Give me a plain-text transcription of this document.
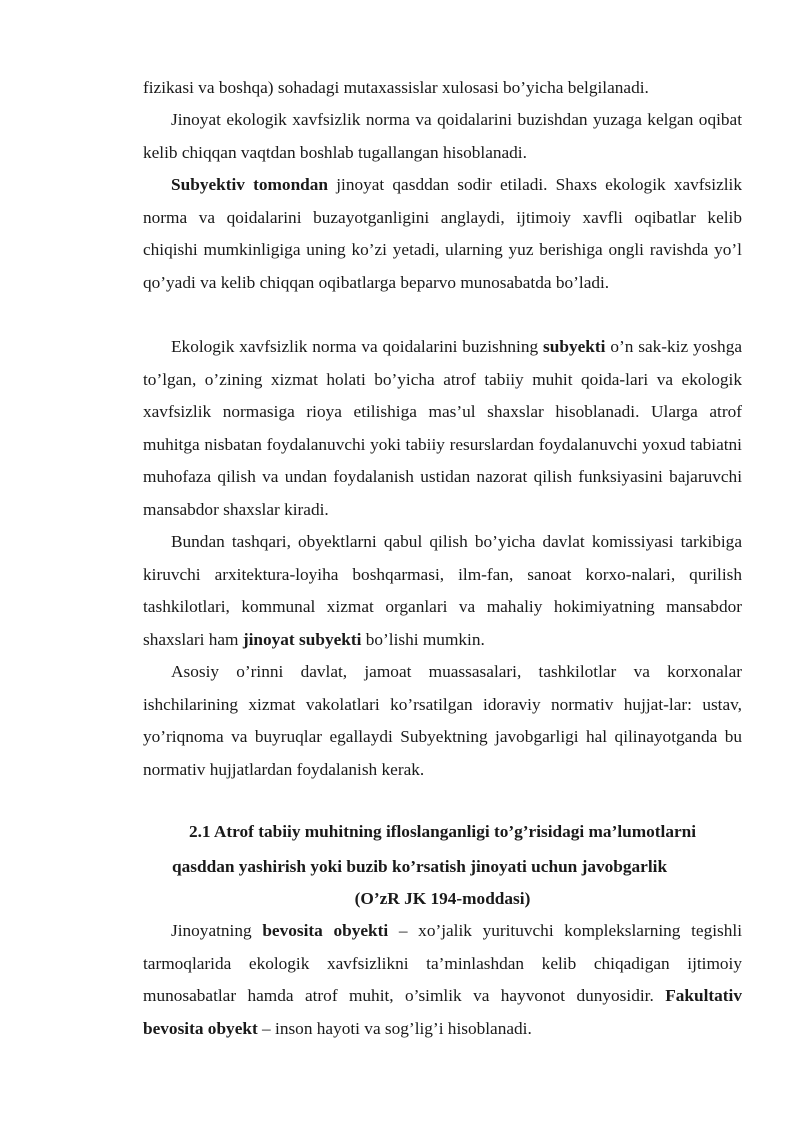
fizikasi va boshqa) sohadagi mutaxassislar xulosasi bo’yicha belgilanadi.

Jinoyat ekologik xavfsizlik norma va qoidalarini buzishdan yuzaga kelgan oqibat kelib chiqqan vaqtdan boshlab tugallangan hisoblanadi.

Subyektiv tomondan jinoyat qasddan sodir etiladi. Shaxs ekologik xavfsizlik norma va qoidalarini buzayotganligini anglaydi, ijtimoiy xavfli oqibatlar kelib chiqishi mumkinligiga uning ko’zi yetadi, ularning yuz berishiga ongli ravishda yo’l qo’yadi va kelib chiqqan oqibatlarga beparvo munosabatda bo’ladi.

Ekologik xavfsizlik norma va qoidalarini buzishning subyekti o’n sak-kiz yoshga to’lgan, o’zining xizmat holati bo’yicha atrof tabiiy muhit qoida-lari va ekologik xavfsizlik normasiga rioya etilishiga mas’ul shaxslar hisoblanadi. Ularga atrof muhitga nisbatan foydalanuvchi yoki tabiiy resurslardan foydalanuvchi yoxud tabiatni muhofaza qilish va undan foydalanish ustidan nazorat qilish funksiyasini bajaruvchi mansabdor shaxslar kiradi.

Bundan tashqari, obyektlarni qabul qilish bo’yicha davlat komissiyasi tarkibiga kiruvchi arxitektura-loyiha boshqarmasi, ilm-fan, sanoat korxo-nalari, qurilish tashkilotlari, kommunal xizmat organlari va mahaliy hokimiyatning mansabdor shaxslari ham jinoyat subyekti bo’lishi mumkin.

Asosiy o’rinni davlat, jamoat muassasalari, tashkilotlar va korxonalar ishchilarining xizmat vakolatlari ko’rsatilgan idoraviy normativ hujjat-lar: ustav, yo’riqnoma va buyruqlar egallaydi Subyektning javobgarligi hal qilinayotganda bu normativ hujjatlardan foydalanish kerak.

2.1 Atrof tabiiy muhitning ifloslanganligi to’g’risidagi ma’lumotlarni

qasddan yashirish yoki buzib ko’rsatish jinoyati uchun javobgarlik

(O’zR JK 194-moddasi)

Jinoyatning bevosita obyekti – xo’jalik yurituvchi komplekslarning tegishli tarmoqlarida ekologik xavfsizlikni ta’minlashdan kelib chiqadigan ijtimoiy munosabatlar hamda atrof muhit, o’simlik va hayvonot dunyosidir. Fakultativ bevosita obyekt – inson hayoti va sog’lig’i hisoblanadi.
